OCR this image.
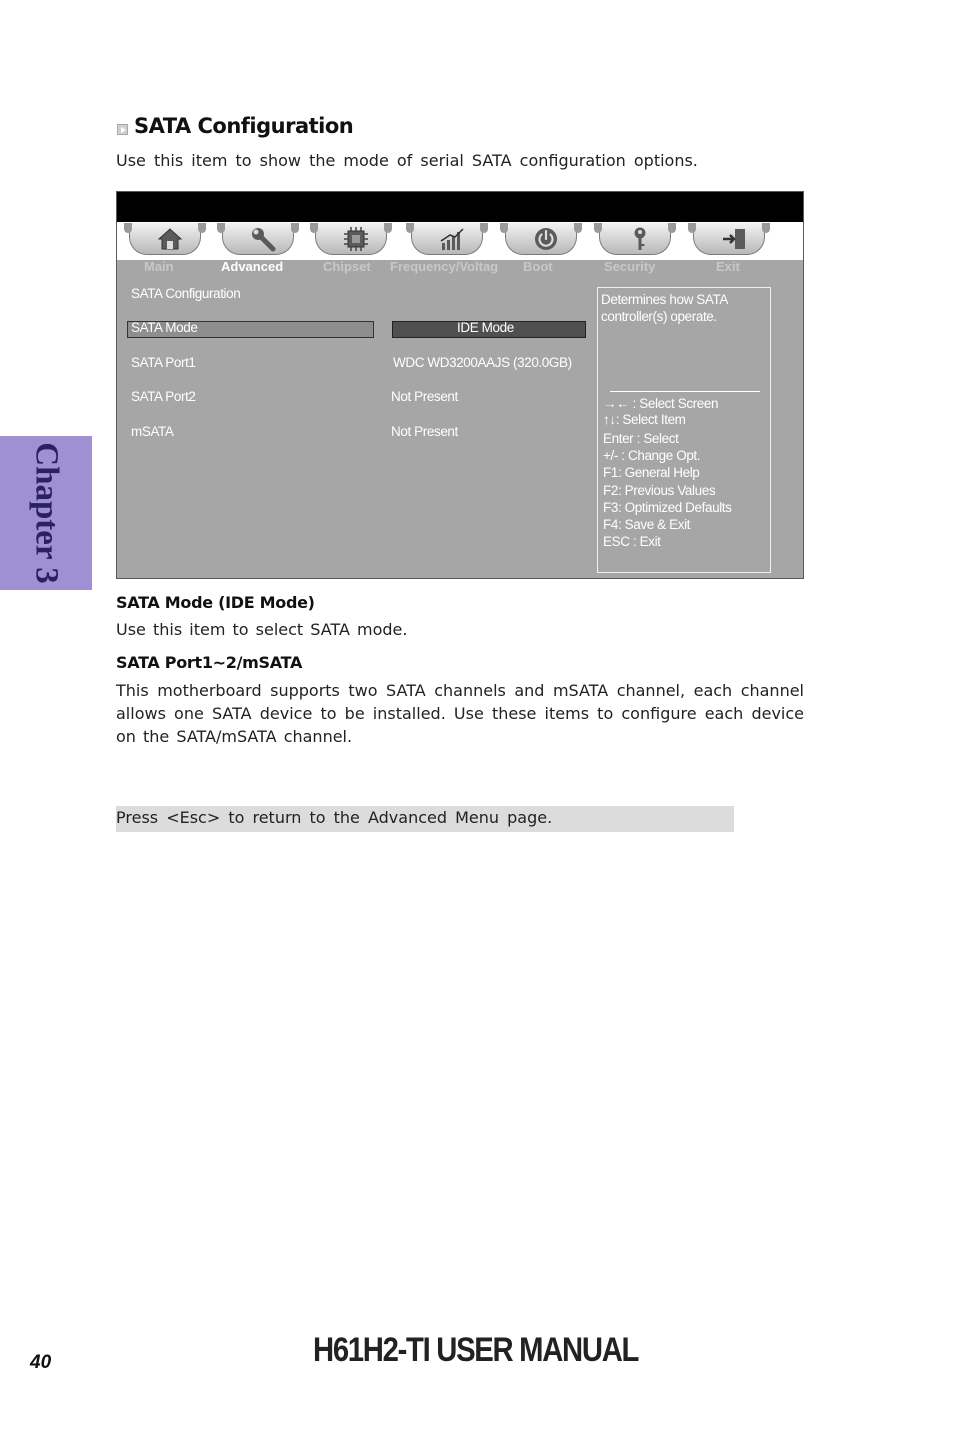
SATA Configuration
Use this item to show the mode of serial SATA configuration options.
Chapter 3
Main	Advanced	Chipset Frequency/Voltag Boot	Security	Exit
SATA Configuration
SATA Mode	IDE Mode
SATA Port1	WDC WD3200AAJS (320.0GB)
SATA Port2	Not Present
mSATA	Not Present
Determines how SATA
controller(s) operate.
→← : Select Screen
↑↓: Select Item
Enter : Select
+/- : Change Opt.
F1: General Help
F2: Previous Values
F3: Optimized Defaults
F4: Save & Exit
ESC : Exit
SATA Mode (IDE Mode)
Use this item to select SATA mode.
SATA Port1~2/mSATA
This motherboard supports two SATA channels and mSATA channel, each channel allows one SATA device to be installed. Use these items to configure each device on the SATA/mSATA channel.
Press <Esc> to return to the Advanced Menu page.
40	H61H2-TI USER MANUAL
